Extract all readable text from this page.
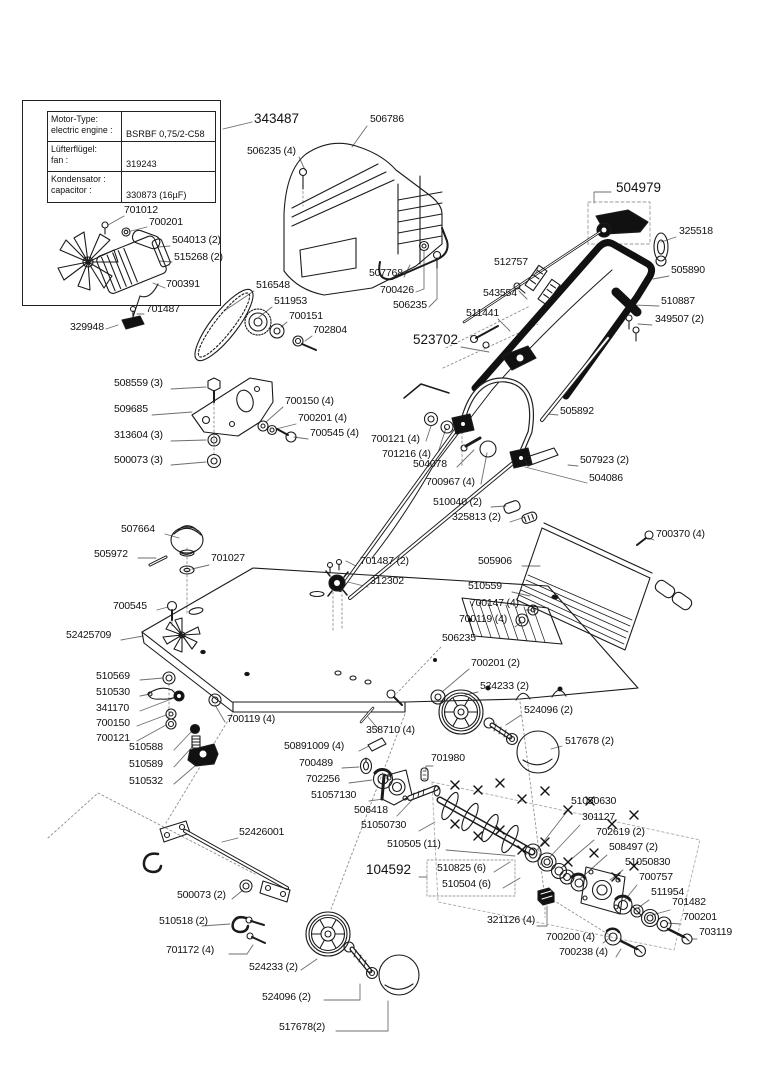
Motor-Type:
electric engine :	BSRBF 0,75/2-C58
Lüfterflügel:
fan :	319243
Kondensator :
capacitor :	330873 (16µF)
343487	506786
506235 (4)
504979
325518
512757
543554
505890
510887
349507 (2)
511441
523702
507768
700426
506235
701012
700201
504013 (2)
515268 (2)
700391
701487
329948
516548
511953
700151
702804
508559 (3)
509685
313604 (3)
500073 (3)
700150 (4)
700201 (4)
700545 (4) 700121 (4)
701216 (4)
504078
700967 (4)
505892
507923 (2)
504086
510040 (2)
325813 (2)
700370 (4)
505906
510559
700147 (4)
700119 (4)
506235
507664
505972	701027	701487 (2)
312302
700545
52425709
510569
510530
341170
700150
700121
510588
510589
510532
700119 (4)
700201 (2)
524233 (2)
524096 (2)
517678 (2)
358710 (4)
50891009 (4)
700489
702256
51057130
506418
51050730
510505 (11)
104592
701980
510825 (6)
510504 (6)
51050630
301127
702619 (2)
508497 (2)
51050830
700757
511954
701482
700201
703119
321126 (4)
700200 (4)
700238 (4)
52426001
500073 (2)
510518 (2)
701172 (4)
524233 (2)
524096 (2)
517678(2)
